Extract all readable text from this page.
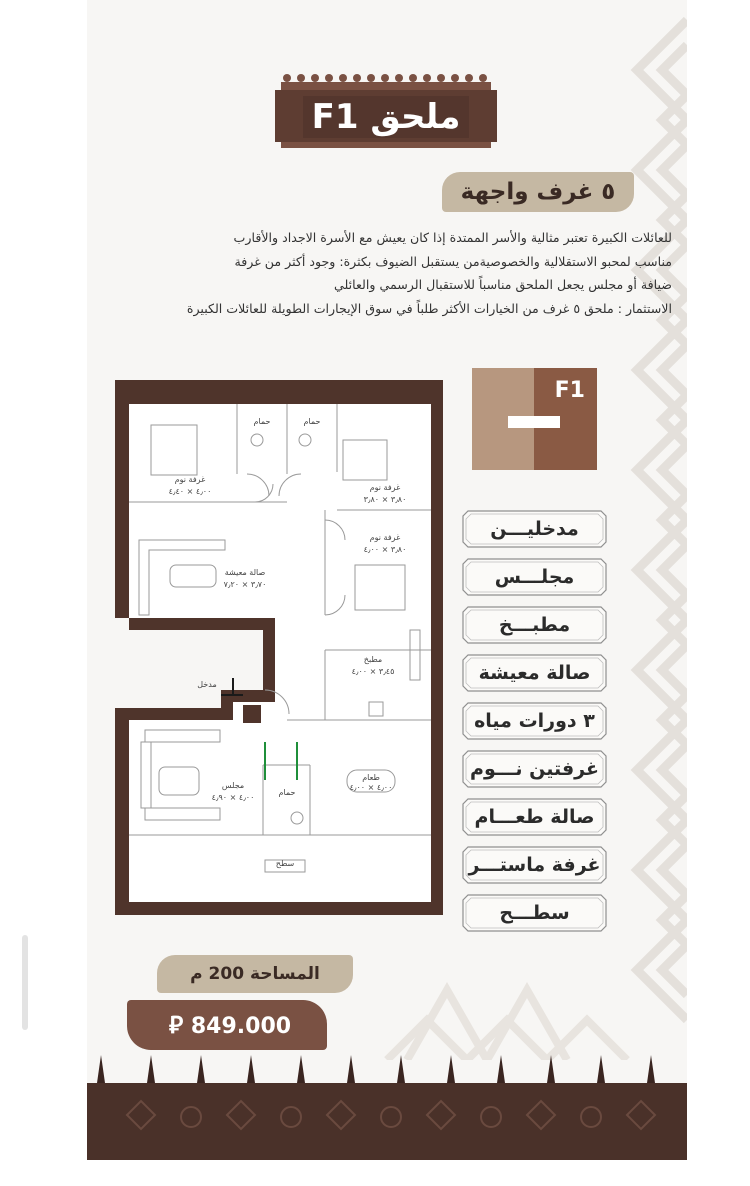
ملحق F1
٥ غرف واجهة

للعائلات الكبيرة تعتبر مثالية والأسر الممتدة إذا كان يعيش مع الأسرة الاجداد والأقارب

مناسب لمحبو الاستقلالية والخصوصيةمن يستقبل الضيوف بكثرة: وجود أكثر من غرفة

ضيافة أو مجلس يجعل الملحق مناسباً للاستقبال الرسمي والعائلي

الاستثمار : ملحق ٥ غرف من الخيارات الأكثر طلباً في سوق الإيجارات الطويلة للعائلات الكبيرة

F1
مدخليـــن
مجلـــس
مطبـــخ
صالة معيشة
٣ دورات مياه
غرفتين نـــوم
صالة طعـــام
غرفة ماستـــر
سطـــح
غرفة نوم
٤٫٠٠ × ٤٫٤٠
حمام	حمام
غرفة نوم
٣٫٨٠ × ٣٫٨٠
غرفة نوم
٣٫٨٠ × ٤٫٠٠
صالة معيشة
٣٫٧٠ × ٧٫٢٠
مطبخ
٣٫٤٥ × ٤٫٠٠
مدخل
مجلس
٤٫٠٠ × ٤٫٩٠
حمام
طعام
٤٫٠٠ × ٤٫٠٠
سطح
المساحة 200 م
⃁ 849.000
